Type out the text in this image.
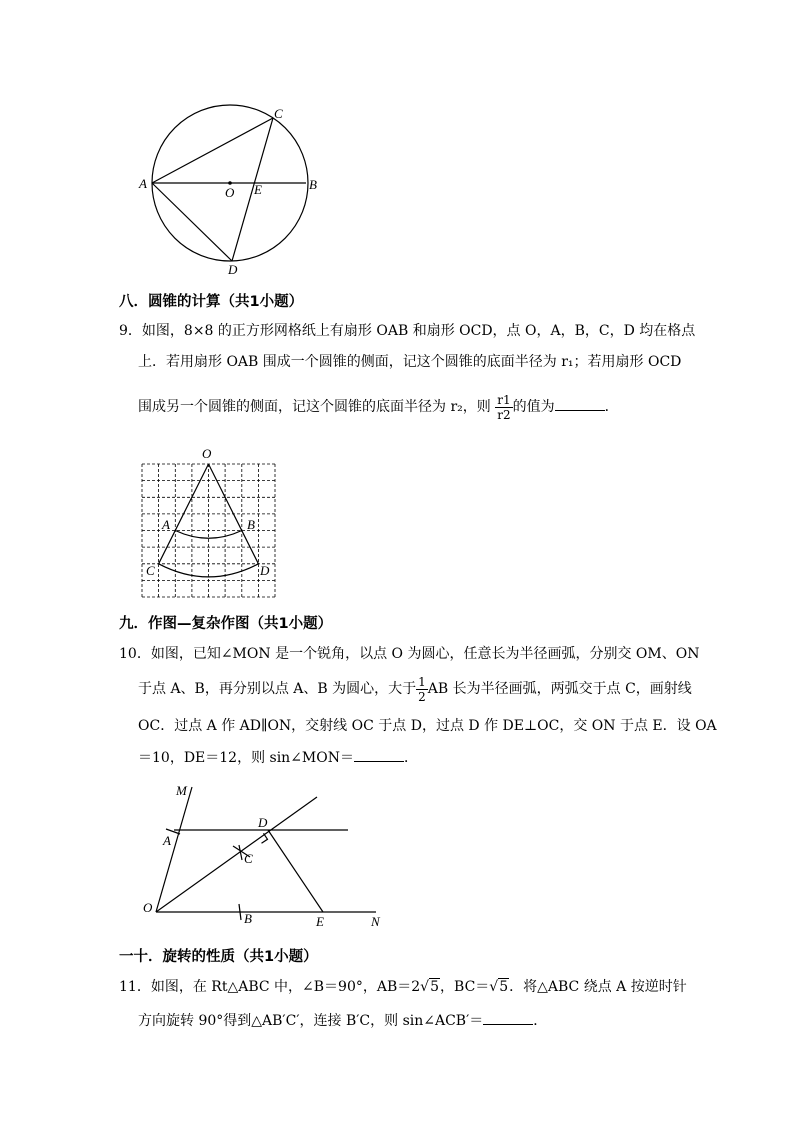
C
A
O E	B
D
八．圆锥的计算（共1小题）
9．如图，8×8 的正方形网格纸上有扇形 OAB 和扇形 OCD，点 O，A，B，C，D 均在格点
上．若用扇形 OAB 围成一个圆锥的侧面，记这个圆锥的底面半径为 r₁；若用扇形 OCD
围成另一个圆锥的侧面，记这个圆锥的底面半径为 r₂，则 $\frac{r1}{r2}$ 的值为	．
O
A	B
C	D
九．作图—复杂作图（共1小题）
10．如图，已知∠MON 是一个锐角，以点 O 为圆心，任意长为半径画弧，分别交 OM、ON
于点 A、B，再分别以点 A、B 为圆心，大于 $\frac{1}{2}$ AB 长为半径画弧，两弧交于点 C，画射线
OC．过点 A 作 AD∥ON，交射线 OC 于点 D，过点 D 作 DE⊥OC，交 ON 于点 E．设 OA
＝10，DE＝12，则 sin∠MON＝	．
M
A
D
C
O
B	E	N
一十．旋转的性质（共1小题）
11．如图，在 Rt△ABC 中，∠B＝90°，AB＝2√5，BC＝√5．将△ABC 绕点 A 按逆时针
方向旋转 90°得到△AB′C′，连接 B′C，则 sin∠ACB′＝	．
